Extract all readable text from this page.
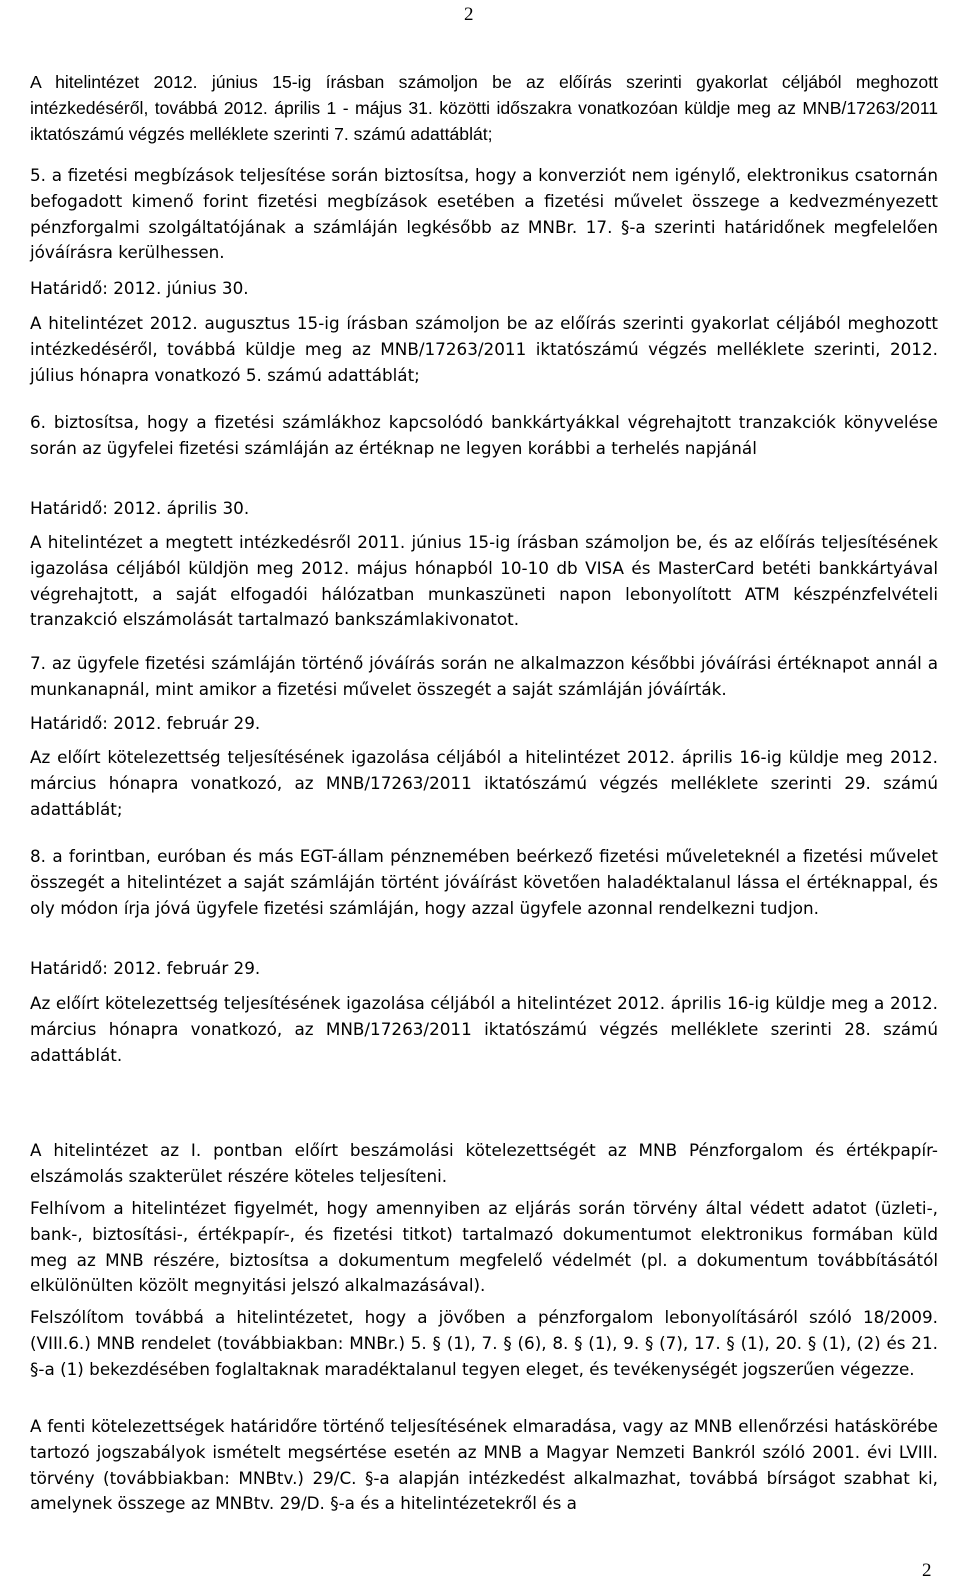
2

A hitelintézet 2012. június 15-ig írásban számoljon be az előírás szerinti gyakorlat céljából meghozott intézkedéséről, továbbá 2012. április 1 - május 31. közötti időszakra vonatkozóan küldje meg az MNB/17263/2011 iktatószámú végzés melléklete szerinti 7. számú adattáblát;

5. a fizetési megbízások teljesítése során biztosítsa, hogy a konverziót nem igénylő, elektronikus csatornán befogadott kimenő forint fizetési megbízások esetében a fizetési művelet összege a kedvezményezett pénzforgalmi szolgáltatójának a számláján legkésőbb az MNBr. 17. §-a szerinti határidőnek megfelelően jóváírásra kerülhessen.

Határidő: 2012. június 30.

A hitelintézet 2012. augusztus 15-ig írásban számoljon be az előírás szerinti gyakorlat céljából meghozott intézkedéséről, továbbá küldje meg az MNB/17263/2011 iktatószámú végzés melléklete szerinti, 2012. július hónapra vonatkozó 5. számú adattáblát;

6. biztosítsa, hogy a fizetési számlákhoz kapcsolódó bankkártyákkal végrehajtott tranzakciók könyvelése során az ügyfelei fizetési számláján az értéknap ne legyen korábbi a terhelés napjánál

Határidő: 2012. április 30.

A hitelintézet a megtett intézkedésről 2011. június 15-ig írásban számoljon be, és az előírás teljesítésének igazolása céljából küldjön meg 2012. május hónapból 10-10 db VISA és MasterCard betéti bankkártyával végrehajtott, a saját elfogadói hálózatban munkaszüneti napon lebonyolított ATM készpénzfelvételi tranzakció elszámolását tartalmazó bankszámlakivonatot.

7. az ügyfele fizetési számláján történő jóváírás során ne alkalmazzon későbbi jóváírási értéknapot annál a munkanapnál, mint amikor a fizetési művelet összegét a saját számláján jóváírták.

Határidő: 2012. február 29.

Az előírt kötelezettség teljesítésének igazolása céljából a hitelintézet 2012. április 16-ig küldje meg 2012. március hónapra vonatkozó, az MNB/17263/2011 iktatószámú végzés melléklete szerinti 29. számú adattáblát;

8. a forintban, euróban és más EGT-állam pénznemében beérkező fizetési műveleteknél a fizetési művelet összegét a hitelintézet a saját számláján történt jóváírást követően haladéktalanul lássa el értéknappal, és oly módon írja jóvá ügyfele fizetési számláján, hogy azzal ügyfele azonnal rendelkezni tudjon.

Határidő: 2012. február 29.

Az előírt kötelezettség teljesítésének igazolása céljából a hitelintézet 2012. április 16-ig küldje meg a 2012. március hónapra vonatkozó, az MNB/17263/2011 iktatószámú végzés melléklete szerinti 28. számú adattáblát.

A hitelintézet az I. pontban előírt beszámolási kötelezettségét az MNB Pénzforgalom és értékpapír-elszámolás szakterület részére köteles teljesíteni.

Felhívom a hitelintézet figyelmét, hogy amennyiben az eljárás során törvény által védett adatot (üzleti-, bank-, biztosítási-, értékpapír-, és fizetési titkot) tartalmazó dokumentumot elektronikus formában küld meg az MNB részére, biztosítsa a dokumentum megfelelő védelmét (pl. a dokumentum továbbításától elkülönülten közölt megnyitási jelszó alkalmazásával).

Felszólítom továbbá a hitelintézetet, hogy a jövőben a pénzforgalom lebonyolításáról szóló 18/2009. (VIII.6.) MNB rendelet (továbbiakban: MNBr.) 5. § (1), 7. § (6), 8. § (1), 9. § (7), 17. § (1), 20. § (1), (2) és 21. §-a (1) bekezdésében foglaltaknak maradéktalanul tegyen eleget, és tevékenységét jogszerűen végezze.

A fenti kötelezettségek határidőre történő teljesítésének elmaradása, vagy az MNB ellenőrzési hatáskörébe tartozó jogszabályok ismételt megsértése esetén az MNB a Magyar Nemzeti Bankról szóló 2001. évi LVIII. törvény (továbbiakban: MNBtv.) 29/C. §-a alapján intézkedést alkalmazhat, továbbá bírságot szabhat ki, amelynek összege az MNBtv. 29/D. §-a és a hitelintézetekről és a

2
